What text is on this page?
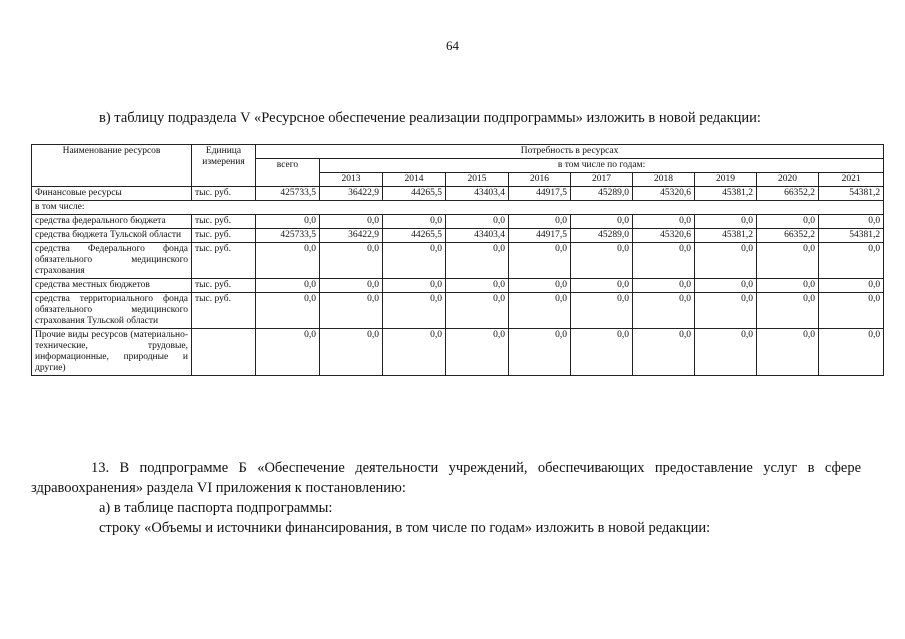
64
в) таблицу подраздела V «Ресурсное обеспечение реализации подпрограммы» изложить в новой редакции:
Наименование ресурсов	Единица измерения	Потребность в ресурсах									
		всего	в том числе по годам:								
			2013	2014	2015	2016	2017	2018	2019	2020	2021
Финансовые ресурсы	тыс. руб.	425733,5	36422,9	44265,5	43403,4	44917,5	45289,0	45320,6	45381,2	66352,2	54381,2
в том числе:											
средства федерального бюджета	тыс. руб.	0,0	0,0	0,0	0,0	0,0	0,0	0,0	0,0	0,0	0,0
средства бюджета Тульской области	тыс. руб.	425733,5	36422,9	44265,5	43403,4	44917,5	45289,0	45320,6	45381,2	66352,2	54381,2
средства Федерального фонда обязательного медицинского страхования	тыс. руб.	0,0	0,0	0,0	0,0	0,0	0,0	0,0	0,0	0,0	0,0
средства местных бюджетов	тыс. руб.	0,0	0,0	0,0	0,0	0,0	0,0	0,0	0,0	0,0	0,0
средства территориального фонда обязательного медицинского страхования Тульской области	тыс. руб.	0,0	0,0	0,0	0,0	0,0	0,0	0,0	0,0	0,0	0,0
Прочие виды ресурсов (материально-технические, трудовые, информационные, природные и другие)		0,0	0,0	0,0	0,0	0,0	0,0	0,0	0,0	0,0	0,0
13. В подпрограмме Б «Обеспечение деятельности учреждений, обеспечивающих предоставление услуг в сфере здравоохранения» раздела VI приложения к постановлению:
а) в таблице паспорта подпрограммы:
строку «Объемы и источники финансирования, в том числе по годам» изложить в новой редакции:
